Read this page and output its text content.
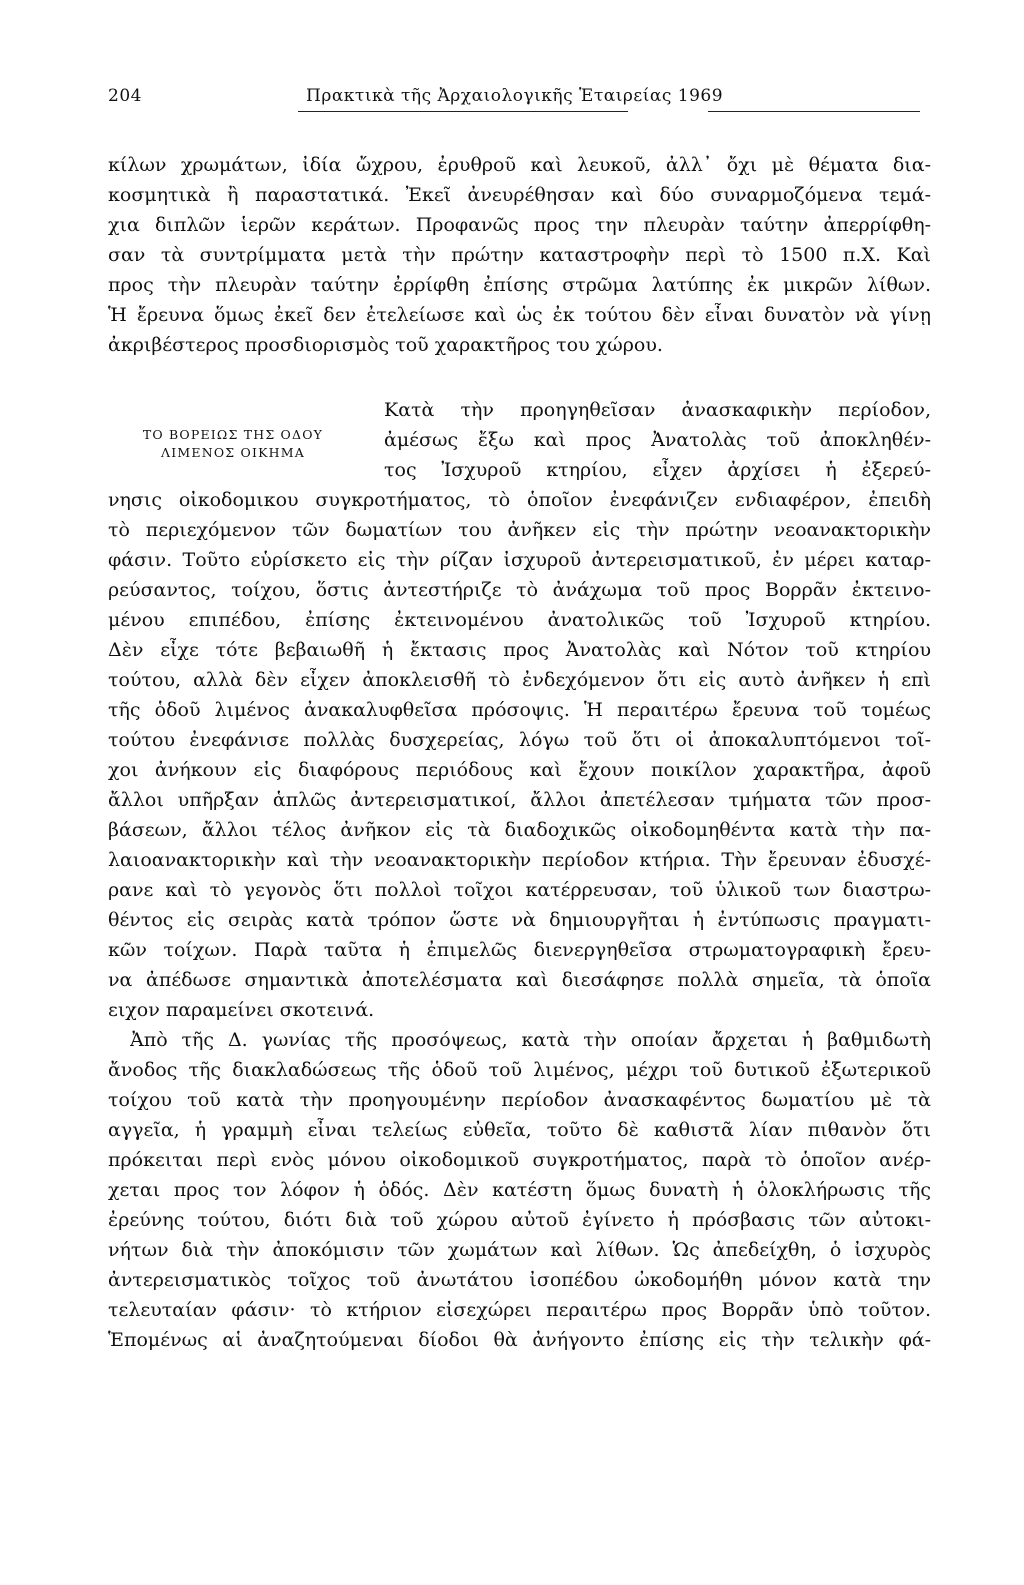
204	Πρακτικὰ τῆς Ἀρχαιολογικῆς Ἑταιρείας 1969
ΤΟ ΒΟΡΕΙΩΣ ΤΗΣ ΟΔΟΥ
ΛΙΜΕΝΟΣ ΟΙΚΗΜΑ
κίλων χρωμάτων, ἰδία ὤχρου, ἐρυθροῦ καὶ λευκοῦ, ἀλλ᾽ ὄχι μὲ θέματα δια-
κοσμητικὰ ἢ παραστατικά. Ἐκεῖ ἀνευρέθησαν καὶ δύο συναρμοζόμενα τεμά-
χια διπλῶν ἱερῶν κεράτων. Προφανῶς προς την πλευρὰν ταύτην ἀπερρίφθη-
σαν τὰ συντρίμματα μετὰ τὴν πρώτην καταστροφὴν περὶ τὸ 1500 π.Χ. Καὶ
προς τὴν πλευρὰν ταύτην ἐρρίφθη ἐπίσης στρῶμα λατύπης ἐκ μικρῶν λίθων.
Ἡ ἔρευνα ὅμως ἐκεῖ δεν ἐτελείωσε καὶ ὡς ἐκ τούτου δὲν εἶναι δυνατὸν νὰ γίνῃ
ἀκριβέστερος προσδιορισμὸς τοῦ χαρακτῆρος του χώρου.
Κατὰ τὴν προηγηθεῖσαν ἀνασκαφικὴν περίοδον,
ἀμέσως ἔξω καὶ προς Ἀνατολὰς τοῦ ἀποκληθέν-
τος Ἰσχυροῦ κτηρίου, εἶχεν ἀρχίσει ἡ ἐξερεύ-
νησις οἰκοδομικου συγκροτήματος, τὸ ὁποῖον ἐνεφάνιζεν ενδιαφέρον, ἐπειδὴ
τὸ περιεχόμενον τῶν δωματίων του ἀνῆκεν εἰς τὴν πρώτην νεοανακτορικὴν
φάσιν. Τοῦτο εὑρίσκετο εἰς τὴν ρίζαν ἰσχυροῦ ἀντερεισματικοῦ, ἐν μέρει καταρ-
ρεύσαντος, τοίχου, ὅστις ἀντεστήριζε τὸ ἀνάχωμα τοῦ προς Βορρᾶν ἐκτεινο-
μένου επιπέδου, ἐπίσης ἐκτεινομένου ἀνατολικῶς τοῦ Ἰσχυροῦ κτηρίου.
Δὲν εἶχε τότε βεβαιωθῆ ἡ ἔκτασις προς Ἀνατολὰς καὶ Νότον τοῦ κτηρίου
τούτου, αλλὰ δὲν εἶχεν ἀποκλεισθῆ τὸ ἐνδεχόμενον ὅτι εἰς αυτὸ ἀνῆκεν ἡ επὶ
τῆς ὁδοῦ λιμένος ἀνακαλυφθεῖσα πρόσοψις. Ἡ περαιτέρω ἔρευνα τοῦ τομέως
τούτου ἐνεφάνισε πολλὰς δυσχερείας, λόγω τοῦ ὅτι οἱ ἀποκαλυπτόμενοι τοῖ-
χοι ἀνήκουν εἰς διαφόρους περιόδους καὶ ἔχουν ποικίλον χαρακτῆρα, ἀφοῦ
ἄλλοι υπῆρξαν ἁπλῶς ἀντερεισματικοί, ἄλλοι ἀπετέλεσαν τμήματα τῶν προσ-
βάσεων, ἄλλοι τέλος ἀνῆκον εἰς τὰ διαδοχικῶς οἰκοδομηθέντα κατὰ τὴν πα-
λαιοανακτορικὴν καὶ τὴν νεοανακτορικὴν περίοδον κτήρια. Τὴν ἔρευναν ἐδυσχέ-
ρανε καὶ τὸ γεγονὸς ὅτι πολλοὶ τοῖχοι κατέρρευσαν, τοῦ ὑλικοῦ των διαστρω-
θέντος εἰς σειρὰς κατὰ τρόπον ὥστε νὰ δημιουργῆται ἡ ἐντύπωσις πραγματι-
κῶν τοίχων. Παρὰ ταῦτα ἡ ἐπιμελῶς διενεργηθεῖσα στρωματογραφικὴ ἔρευ-
να ἀπέδωσε σημαντικὰ ἀποτελέσματα καὶ διεσάφησε πολλὰ σημεῖα, τὰ ὁποῖα
ειχον παραμείνει σκοτεινά.
Ἀπὸ τῆς Δ. γωνίας τῆς προσόψεως, κατὰ τὴν οποίαν ἄρχεται ἡ βαθμιδωτὴ
ἄνοδος τῆς διακλαδώσεως τῆς ὁδοῦ τοῦ λιμένος, μέχρι τοῦ δυτικοῦ ἐξωτερικοῦ
τοίχου τοῦ κατὰ τὴν προηγουμένην περίοδον ἀνασκαφέντος δωματίου μὲ τὰ
αγγεῖα, ἡ γραμμὴ εἶναι τελείως εὐθεῖα, τοῦτο δὲ καθιστᾶ λίαν πιθανὸν ὅτι
πρόκειται περὶ ενὸς μόνου οἰκοδομικοῦ συγκροτήματος, παρὰ τὸ ὁποῖον ανέρ-
χεται προς τον λόφον ἡ ὁδός. Δὲν κατέστη ὅμως δυνατὴ ἡ ὁλοκλήρωσις τῆς
ἐρεύνης τούτου, διότι διὰ τοῦ χώρου αὐτοῦ ἐγίνετο ἡ πρόσβασις τῶν αὐτοκι-
νήτων διὰ τὴν ἀποκόμισιν τῶν χωμάτων καὶ λίθων. Ὡς ἀπεδείχθη, ὁ ἰσχυρὸς
ἀντερεισματικὸς τοῖχος τοῦ ἀνωτάτου ἰσοπέδου ὠκοδομήθη μόνον κατὰ την
τελευταίαν φάσιν· τὸ κτήριον εἰσεχώρει περαιτέρω προς Βορρᾶν ὑπὸ τοῦτον.
Ἑπομένως αἱ ἀναζητούμεναι δίοδοι θὰ ἀνήγοντο ἐπίσης εἰς τὴν τελικὴν φά-
